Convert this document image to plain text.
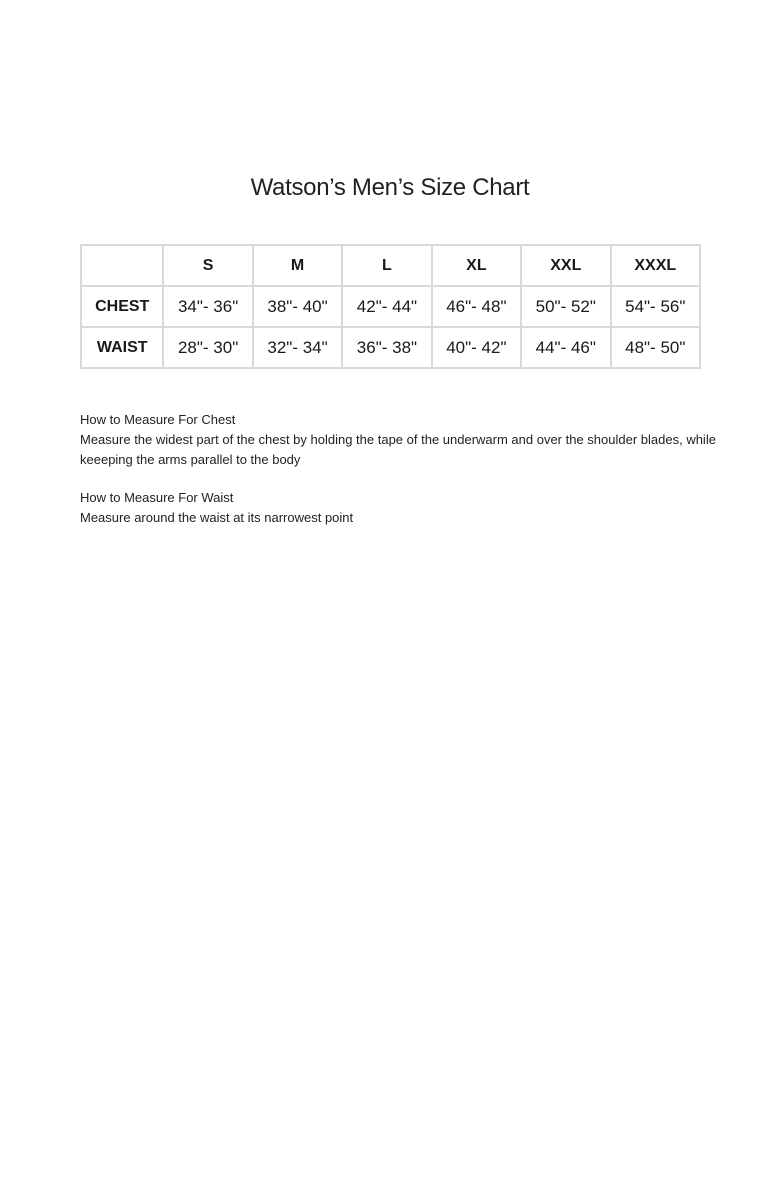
Watson’s Men’s Size Chart
	S	M	L	XL	XXL	XXXL
CHEST	34"- 36"	38"- 40"	42"- 44"	46"- 48"	50"- 52"	54"- 56"
WAIST	28"- 30"	32"- 34"	36"- 38"	40"- 42"	44"- 46"	48"- 50"

How to Measure For Chest

Measure the widest part of the chest by holding the tape of the underwarm and over the shoulder blades, while keeeping the arms parallel to the body

How to Measure For Waist

Measure around the waist at its narrowest point
